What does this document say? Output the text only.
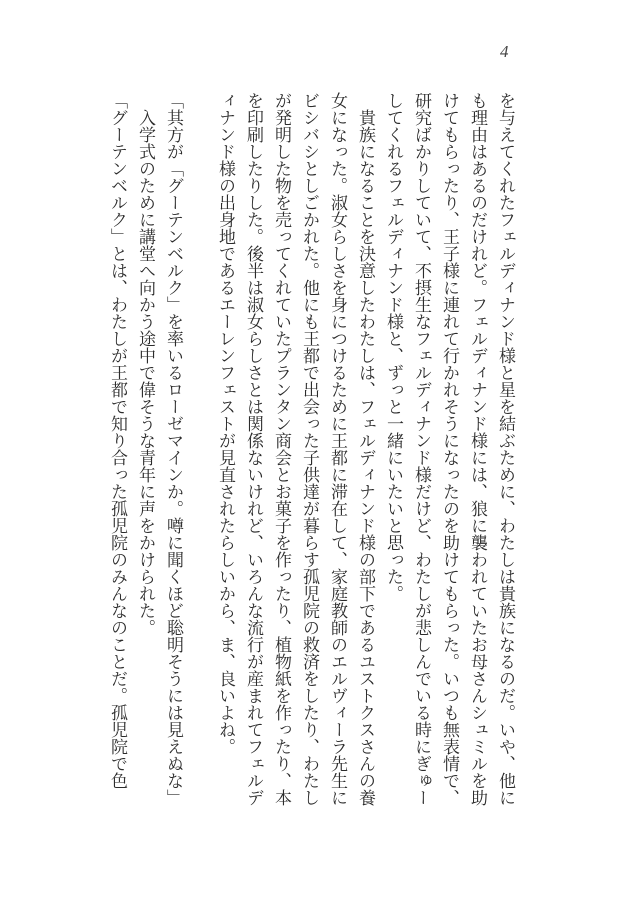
4

を与えてくれたフェルディナンド様と星を結ぶために、わたしは貴族になるのだ。いや、他に

も理由はあるのだけれど。フェルディナンド様には、狼に襲われていたお母さんシュミルを助

けてもらったり、王子様に連れて行かれそうになったのを助けてもらった。いつも無表情で、

研究ばかりしていて、不摂生なフェルディナンド様だけど、わたしが悲しんでいる時にぎゅー

してくれるフェルディナンド様と、ずっと一緒にいたいと思った。

貴族になることを決意したわたしは、フェルディナンド様の部下であるユストクスさんの養

女になった。淑女らしさを身につけるために王都に滞在して、家庭教師のエルヴィーラ先生に

ビシバシとしごかれた。他にも王都で出会った子供達が暮らす孤児院の救済をしたり、わたし

が発明した物を売ってくれていたプランタン商会とお菓子を作ったり、植物紙を作ったり、本

を印刷したりした。後半は淑女らしさとは関係ないけれど、いろんな流行が産まれてフェルデ

ィナンド様の出身地であるエーレンフェストが見直されたらしいから、ま、良いよね。

「其方が「グーテンベルク」を率いるローゼマインか。噂に聞くほど聡明そうには見えぬな」

入学式のために講堂へ向かう途中で偉そうな青年に声をかけられた。

「グーテンベルク」とは、わたしが王都で知り合った孤児院のみんなのことだ。孤児院で色
